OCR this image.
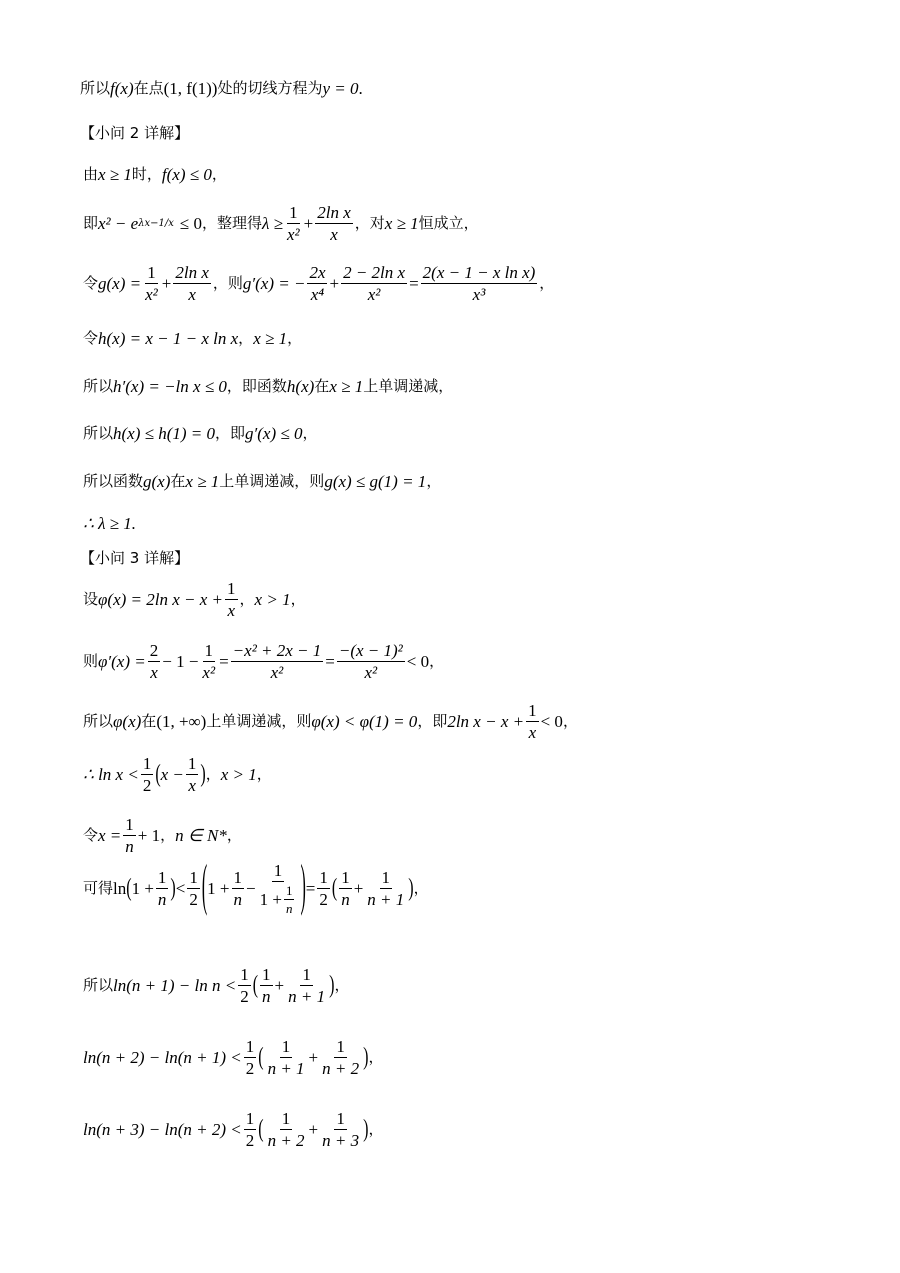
所以 f(x) 在点 (1, f(1)) 处的切线方程为 y = 0 .
【小问 2 详解】
由 x ≥ 1 时， f(x) ≤ 0 ，
即 x² − e λx−1/x ≤ 0 ，整理得 $\lambda \ge \frac{1}{\text{x²}} + \frac{\text{2ln x}}{x}$ ，对 x ≥ 1 恒成立，
令 $g(x) = \frac{1}{\text{x²}} + \frac{\text{2ln x}}{x}$ ，则 g′(x) = − $\frac{2x}{\text{x⁴}} + \frac{\text{2 − 2ln x}}{\text{x²}} = \frac{\text{2(x − 1 − x ln x)}}{\text{x³}}$ ，
令 h(x) = x − 1 − x ln x ， x ≥ 1 ，
所以 h′(x) = −ln x ≤ 0 ，即函数 h(x) 在 x ≥ 1 上单调递减，
所以 h(x) ≤ h(1) = 0 ，即 g′(x) ≤ 0 ，
所以函数 g(x) 在 x ≥ 1 上单调递减，则 g(x) ≤ g(1) = 1 ，
∴ λ ≥ 1.
【小问 3 详解】
设 φ(x) = 2ln $x - x + \frac{1}{x}$ ， x > 1 ，
则 $\varphi'(x) = \frac{2}{x} - 1 - \frac{1}{\text{x²}} = \frac{\text{−x² + 2x − 1}}{\text{x²}} = \frac{\text{−(x − 1)²}}{\text{x²}} < 0$ ，
所以 φ(x) 在 (1, +∞) 上单调递减，则 φ(x) < φ(1) = 0 ，即 2ln $x - x + \frac{1}{x} < 0$ ，
∴ $\ln x < \frac{1}{2}$ ( $x - \frac{1}{x}$ ) ， x > 1 ，
令 $x = \frac{1}{n} + 1$ ， n ∈ N* ，
可得 ln ( $1 + \frac{1}{n}$ ) < $\frac{1}{2}$ ( $1 + \frac{1}{n} - \frac{1}{1 + \frac{1}{n}}$ ) = $\frac{1}{2}$ ( $\frac{1}{n} + \frac{1}{n + 1}$ ) ，
所以 $\ln(n + 1) - \ln n < \frac{1}{2}$ ( $\frac{1}{n} + \frac{1}{n + 1}$ ) ，
$\ln(n + 2) - \ln(n + 1) < \frac{1}{2}$ ( $\frac{1}{n + 1} + \frac{1}{n + 2}$ ) ，
$\ln(n + 3) - \ln(n + 2) < \frac{1}{2}$ ( $\frac{1}{n + 2} + \frac{1}{n + 3}$ ) ，
